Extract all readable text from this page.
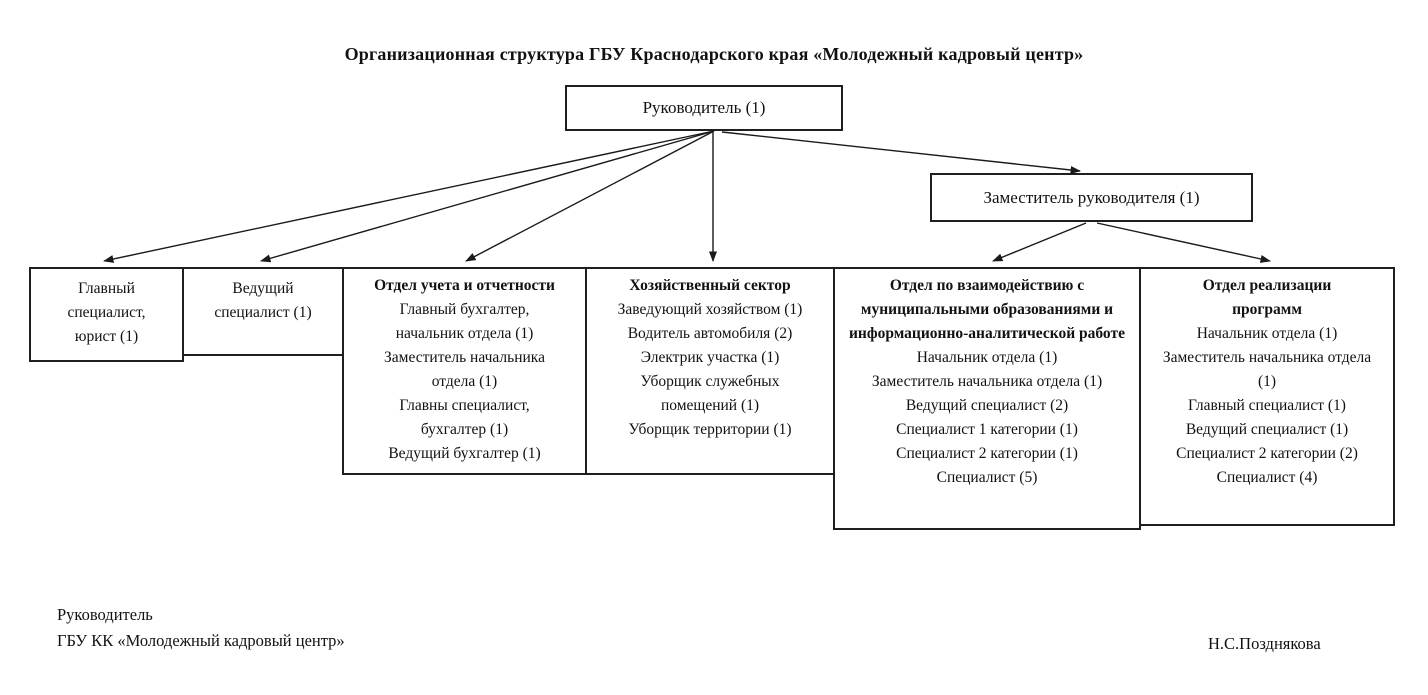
Организационная структура ГБУ Краснодарского края «Молодежный кадровый центр»
Руководитель (1)
Заместитель руководителя (1)
Главный специалист, юрист (1)
Ведущий специалист (1)
Отдел учета и отчетности
Главный бухгалтер, начальник отдела (1)
Заместитель начальника отдела (1)
Главны специалист, бухгалтер (1)
Ведущий бухгалтер (1)
Хозяйственный сектор
Заведующий хозяйством (1)
Водитель автомобиля (2)
Электрик участка (1)
Уборщик служебных помещений (1)
Уборщик территории (1)
Отдел по взаимодействию с муниципальными образованиями и информационно-аналитической работе
Начальник отдела (1)
Заместитель начальника отдела (1)
Ведущий специалист (2)
Специалист 1 категории (1)
Специалист 2 категории (1)
Специалист (5)
Отдел реализации программ
Начальник отдела (1)
Заместитель начальника отдела (1)
Главный специалист (1)
Ведущий специалист (1)
Специалист 2 категории (2)
Специалист (4)
Руководитель
ГБУ КК «Молодежный кадровый центр»	Н.С.Позднякова
